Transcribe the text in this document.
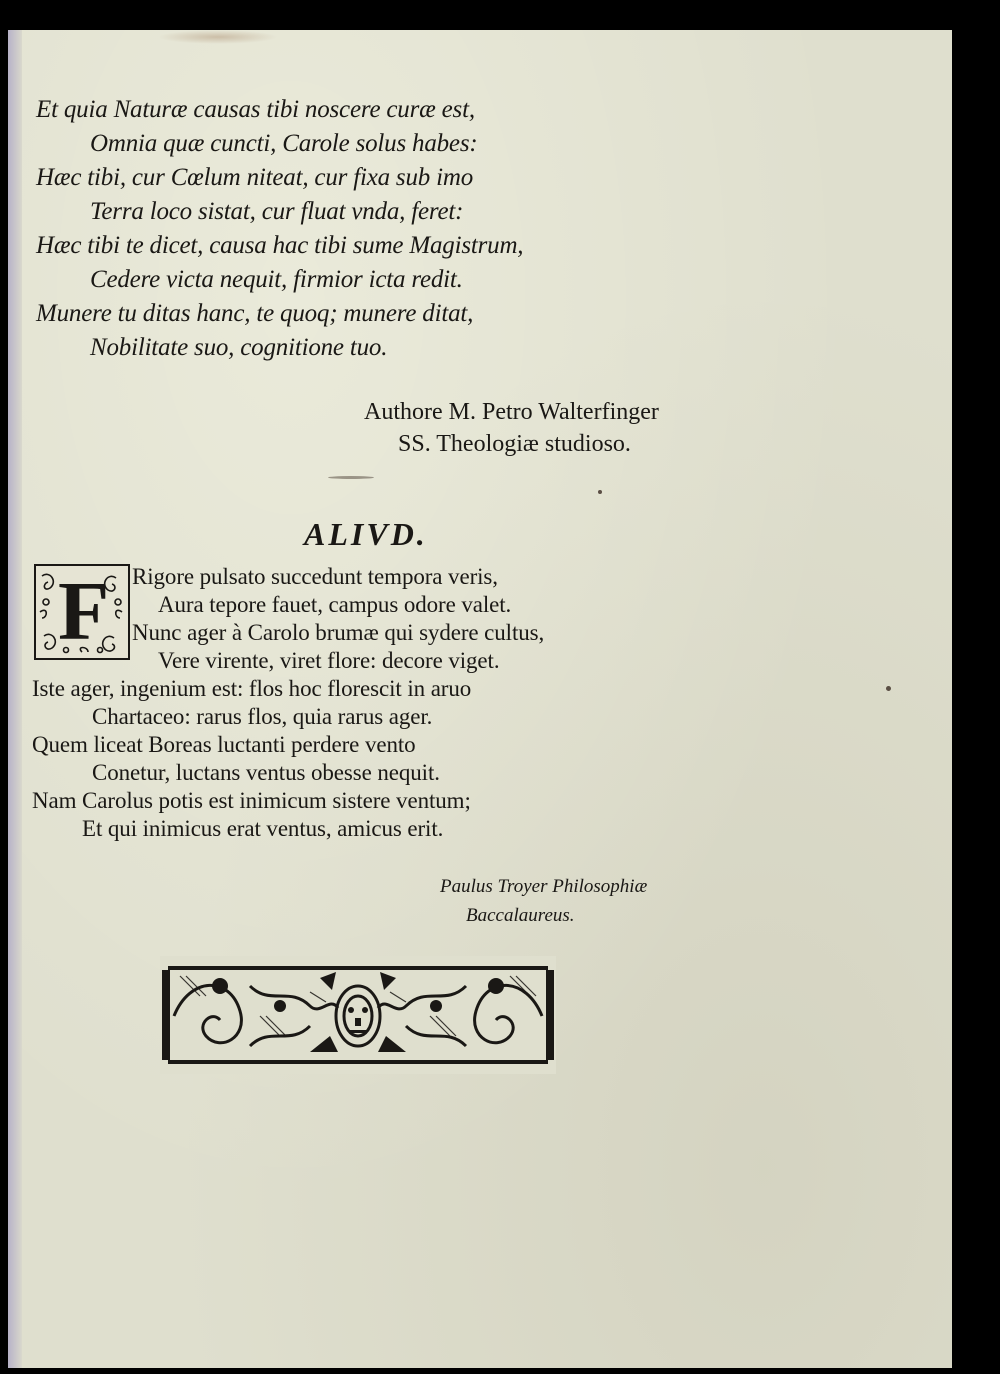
Et quia Naturæ causas tibi noscere curæ est,
Omnia quæ cuncti, Carole solus habes:
Hæc tibi, cur Cœlum niteat, cur fixa sub imo
Terra loco sistat, cur fluat vnda, feret:
Hæc tibi te dicet, causa hac tibi sume Magistrum,
Cedere victa nequit, firmior icta redit.
Munere tu ditas hanc, te quoq; munere ditat,
Nobilitate suo, cognitione tuo.
Authore M. Petro Walterfinger
SS. Theologiæ studioso.
ALIVD.
F Rigore pulsato succedunt tempora veris,
Aura tepore fauet, campus odore valet.
Nunc ager à Carolo brumæ qui sydere cultus,
Vere virente, viret flore: decore viget.
Iste ager, ingenium est: flos hoc florescit in aruo
Chartaceo: rarus flos, quia rarus ager.
Quem liceat Boreas luctanti perdere vento
Conetur, luctans ventus obesse nequit.
Nam Carolus potis est inimicum sistere ventum;
Et qui inimicus erat ventus, amicus erit.
Paulus Troyer Philosophiæ
Baccalaureus.
